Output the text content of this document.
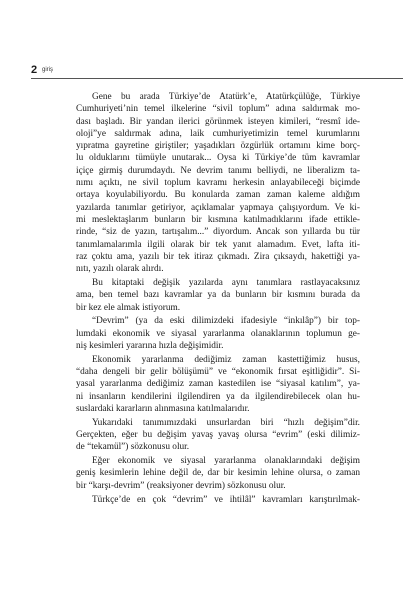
2 giriş
Gene bu arada Türkiye’de Atatürk’e, Atatürkçülüğe, Türkiye
Cumhuriyeti’nin temel ilkelerine “sivil toplum” adına saldırmak mo-
dası başladı. Bir yandan ilerici görünmek isteyen kimileri, “resmî ide-
oloji”ye saldırmak adına, laik cumhuriyetimizin temel kurumlarını
yıpratma gayretine giriştiler; yaşadıkları özgürlük ortamını kime borç-
lu olduklarını tümüyle unutarak... Oysa ki Türkiye’de tüm kavramlar
içiçe girmiş durumdaydı. Ne devrim tanımı belliydi, ne liberalizm ta-
nımı açıktı, ne sivil toplum kavramı herkesin anlayabileceği biçimde
ortaya koyulabiliyordu. Bu konularda zaman zaman kaleme aldığım
yazılarda tanımlar getiriyor, açıklamalar yapmaya çalışıyordum. Ve ki-
mi meslektaşlarım bunların bir kısmına katılmadıklarını ifade ettikle-
rinde, “siz de yazın, tartışalım...” diyordum. Ancak son yıllarda bu tür
tanımlamalarımla ilgili olarak bir tek yanıt alamadım. Evet, lafta iti-
raz çoktu ama, yazılı bir tek itiraz çıkmadı. Zira çıksaydı, hakettiği ya-
nıtı, yazılı olarak alırdı.
Bu kitaptaki değişik yazılarda aynı tanımlara rastlayacaksınız
ama, ben temel bazı kavramlar ya da bunların bir kısmını burada da
bir kez ele almak istiyorum.
“Devrim” (ya da eski dilimizdeki ifadesiyle “inkılâp”) bir top-
lumdaki ekonomik ve siyasal yararlanma olanaklarının toplumun ge-
niş kesimleri yararına hızla değişimidir.
Ekonomik yararlanma dediğimiz zaman kastettiğimiz husus,
“daha dengeli bir gelir bölüşümü” ve “ekonomik fırsat eşitliğidir”. Si-
yasal yararlanma dediğimiz zaman kastedilen ise “siyasal katılım”, ya-
ni insanların kendilerini ilgilendiren ya da ilgilendirebilecek olan hu-
suslardaki kararların alınmasına katılmalarıdır.
Yukarıdaki tanımımızdaki unsurlardan biri “hızlı değişim”dir.
Gerçekten, eğer bu değişim yavaş yavaş olursa “evrim” (eski dilimiz-
de “tekamül”) sözkonusu olur.
Eğer ekonomik ve siyasal yararlanma olanaklarındaki değişim
geniş kesimlerin lehine değil de, dar bir kesimin lehine olursa, o zaman
bir “karşı-devrim” (reaksiyoner devrim) sözkonusu olur.
Türkçe’de en çok “devrim” ve ihtilâl” kavramları karıştırılmak-
